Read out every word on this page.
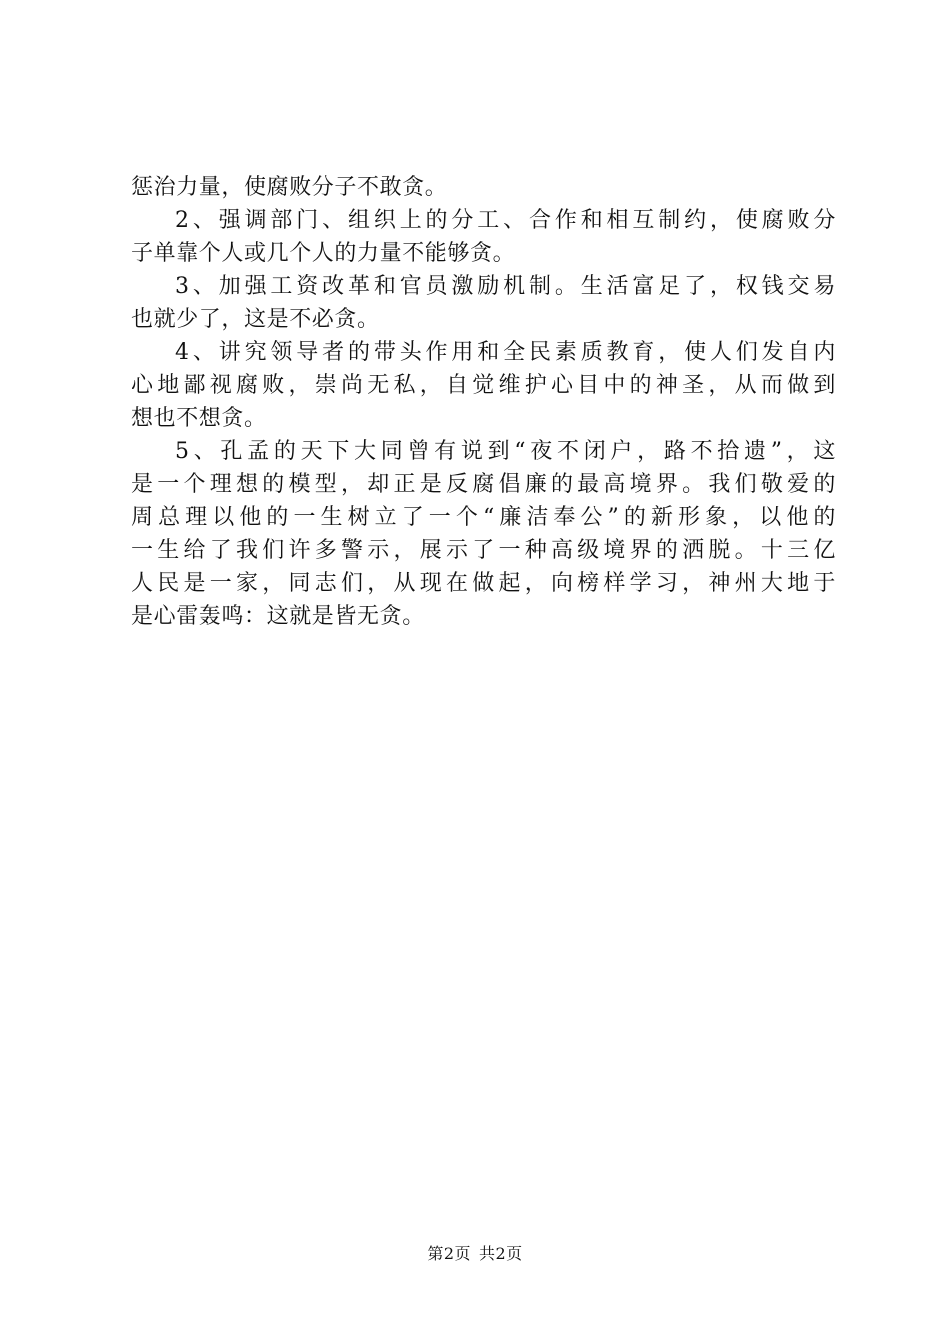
惩治力量，使腐败分子不敢贪。
2、强调部门、组织上的分工、合作和相互制约，使腐败分
子单靠个人或几个人的力量不能够贪。
3、加强工资改革和官员激励机制。生活富足了，权钱交易
也就少了，这是不必贪。
4、讲究领导者的带头作用和全民素质教育，使人们发自内
心地鄙视腐败，崇尚无私，自觉维护心目中的神圣，从而做到
想也不想贪。
5、孔孟的天下大同曾有说到“夜不闭户，路不拾遗”，这
是一个理想的模型，却正是反腐倡廉的最高境界。我们敬爱的
周总理以他的一生树立了一个“廉洁奉公”的新形象，以他的
一生给了我们许多警示，展示了一种高级境界的洒脱。十三亿
人民是一家，同志们，从现在做起，向榜样学习，神州大地于
是心雷轰鸣：这就是皆无贪。
第2页 共2页
